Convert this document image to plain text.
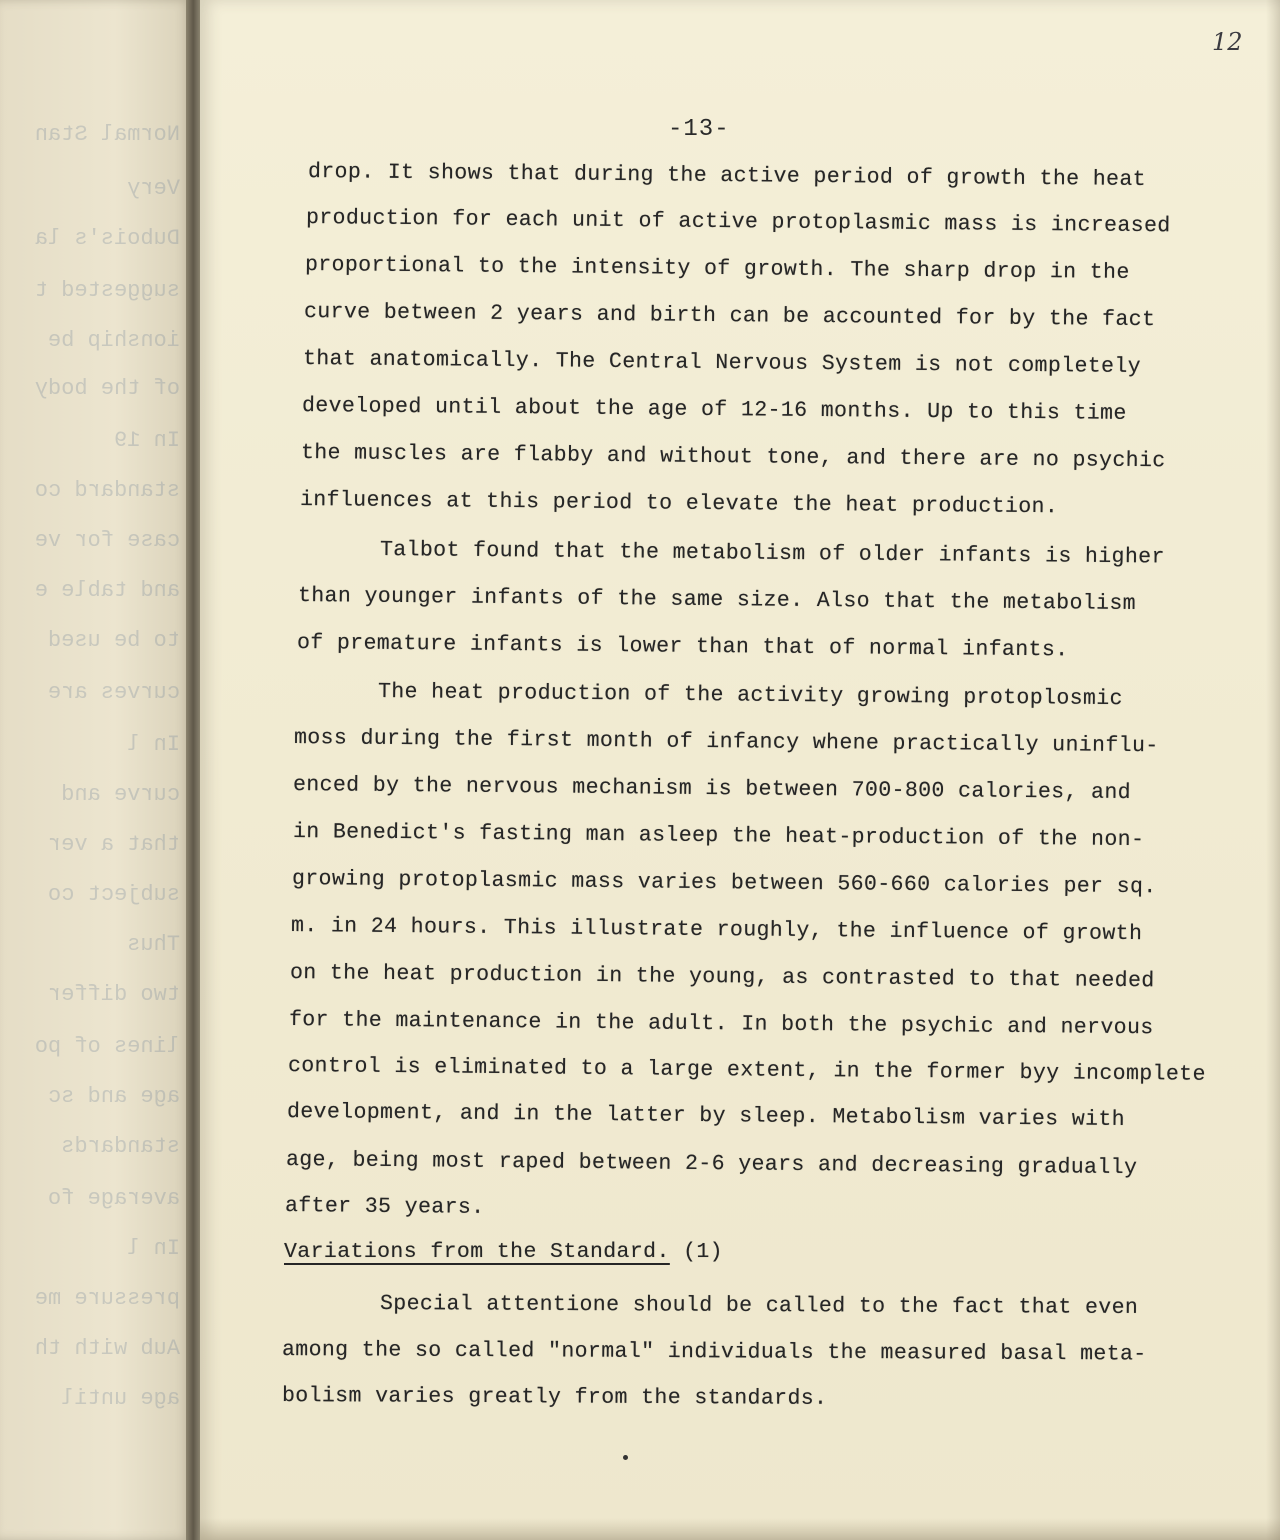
Normal Stan
Very
Dubois's la
suggested t
ionship be
of the body
In 19
standard co
case for ve
and table e
to be used
curves are
In l
curve and
that a ver
subject co
Thus
two differ
lines of po
age and sc
standards
average fo
In l
pressure me
Aub with th
age until
12
-13-
drop. It shows that during the active period of growth the heat
production for each unit of active protoplasmic mass is increased
proportional to the intensity of growth. The sharp drop in the
curve between 2 years and birth can be accounted for by the fact
that anatomically. The Central Nervous System is not completely
developed until about the age of 12-16 months. Up to this time
the muscles are flabby and without tone, and there are no psychic
influences at this period to elevate the heat production.
Talbot found that the metabolism of older infants is higher
than younger infants of the same size. Also that the metabolism
of premature infants is lower than that of normal infants.
The heat production of the activity growing protoplosmic
moss during the first month of infancy whene practically uninflu-
enced by the nervous mechanism is between 700-800 calories, and
in Benedict's fasting man asleep the heat-production of the non-
growing protoplasmic mass varies between 560-660 calories per sq.
m. in 24 hours. This illustrate roughly, the influence of growth
on the heat production in the young, as contrasted to that needed
for the maintenance in the adult. In both the psychic and nervous
control is eliminated to a large extent, in the former byy incomplete
development, and in the latter by sleep. Metabolism varies with
age, being most raped between 2-6 years and decreasing gradually
after 35 years.
Variations from the Standard. (1)
Special attentione should be called to the fact that even
among the so called "normal" individuals the measured basal meta-
bolism varies greatly from the standards.
